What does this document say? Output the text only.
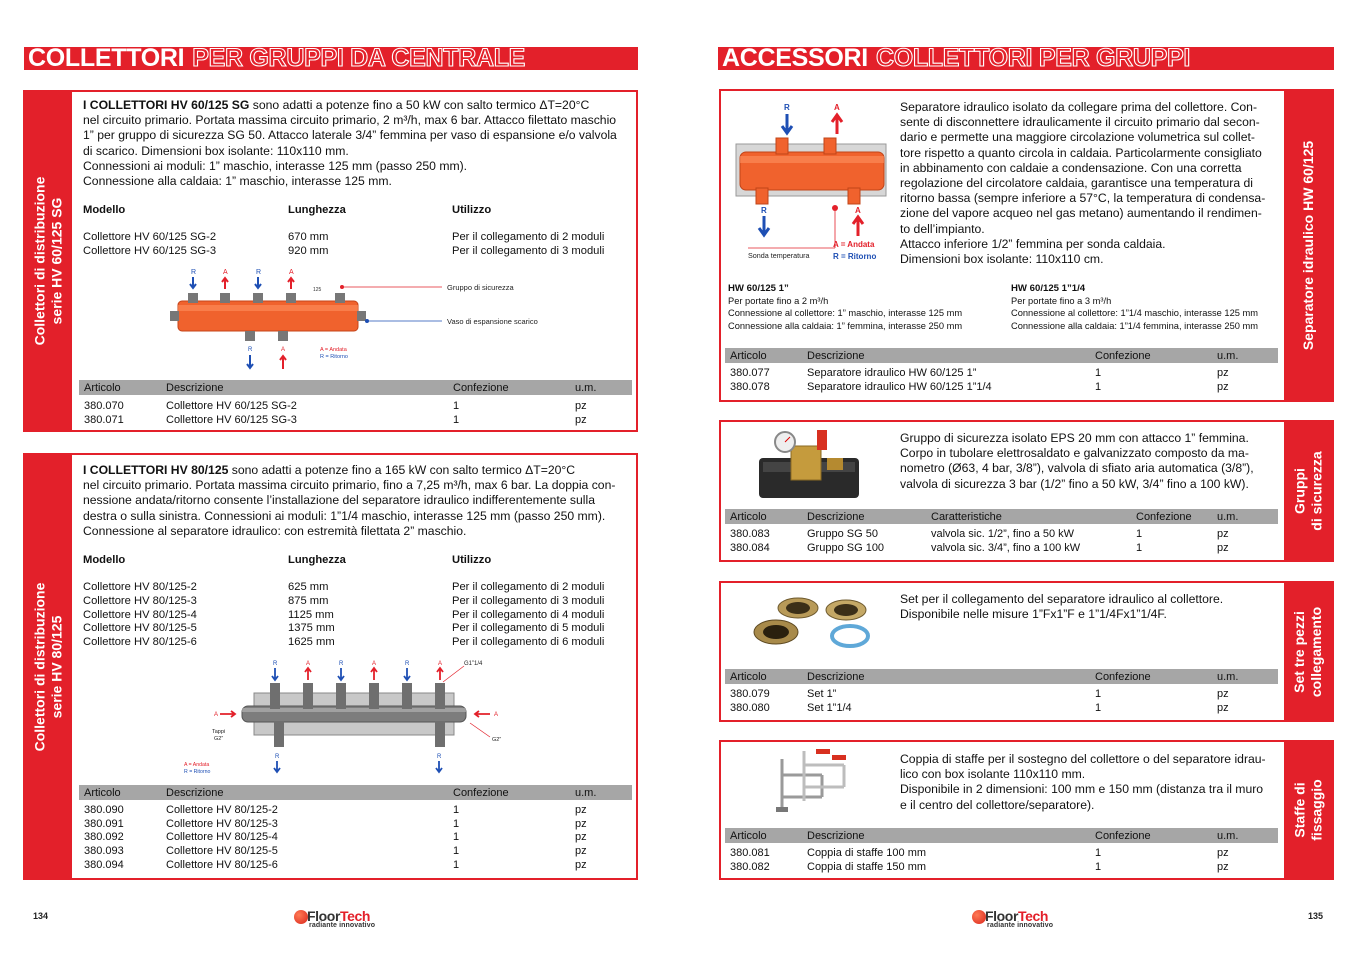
COLLETTORI PER GRUPPI DA CENTRALE
Collettori di distribuzione serie HV 60/125 SG
I COLLETTORI HV 60/125 SG sono adatti a potenze fino a 50 kW con salto termico ΔT=20°C
nel circuito primario. Portata massima circuito primario, 2 m³/h, max 6 bar. Attacco filettato maschio
1” per gruppo di sicurezza SG 50. Attacco laterale 3/4” femmina per vaso di espansione e/o valvola
di scarico. Dimensioni box isolante: 110x110 mm.
Connessioni ai moduli: 1” maschio, interasse 125 mm (passo 250 mm).
Connessione alla caldaia: 1” maschio, interasse 125 mm.
Modello	Lunghezza	Utilizzo
Collettore HV 60/125 SG-2	670 mm	Per il collegamento di 2 moduli
Collettore HV 60/125 SG-3	920 mm	Per il collegamento di 3 moduli
R	A	R	A
125	Gruppo di sicurezza
Vaso di espansione scarico
R	A	A = Andata
R = Ritorno
Articolo	Descrizione	Confezione	u.m.
380.070	Collettore HV 60/125 SG-2	1	pz
380.071	Collettore HV 60/125 SG-3	1	pz
Collettori di distribuzione serie HV 80/125
I COLLETTORI HV 80/125 sono adatti a potenze fino a 165 kW con salto termico ΔT=20°C
nel circuito primario. Portata massima circuito primario, fino a 7,25 m³/h, max 6 bar. La doppia con-
nessione andata/ritorno consente l’installazione del separatore idraulico indifferentemente sulla
destra o sulla sinistra. Connessioni ai moduli: 1”1/4 maschio, interasse 125 mm (passo 250 mm).
Connessione al separatore idraulico: con estremità filettata 2” maschio.
Modello	Lunghezza	Utilizzo
Collettore HV 80/125-2	625 mm	Per il collegamento di 2 moduli
Collettore HV 80/125-3	875 mm	Per il collegamento di 3 moduli
Collettore HV 80/125-4	1125 mm	Per il collegamento di 4 moduli
Collettore HV 80/125-5	1375 mm	Per il collegamento di 5 moduli
Collettore HV 80/125-6	1625 mm	Per il collegamento di 6 moduli
R	A	R	A	R	A	G1”1/4
A	A
Tappi
G2”	G2”
R	R
A = Andata
R = Ritorno
Articolo	Descrizione	Confezione	u.m.
380.090	Collettore HV 80/125-2	1	pz
380.091	Collettore HV 80/125-3	1	pz
380.092	Collettore HV 80/125-4	1	pz
380.093	Collettore HV 80/125-5	1	pz
380.094	Collettore HV 80/125-6	1	pz
134	FloorTech
radiante innovativo
ACCESSORI COLLETTORI PER GRUPPI
Separatore idraulico HW 60/125
R	A
R	A
Sonda temperatura
A = Andata
R = Ritorno
Separatore idraulico isolato da collegare prima del collettore. Con-
sente di disconnettere idraulicamente il circuito primario dal secon-
dario e permette una maggiore circolazione volumetrica sul collet-
tore rispetto a quanto circola in caldaia. Particolarmente consigliato
in abbinamento con caldaie a condensazione. Con una corretta
regolazione del circolatore caldaia, garantisce una temperatura di
ritorno bassa (sempre inferiore a 57°C, la temperatura di condensa-
zione del vapore acqueo nel gas metano) aumentando il rendimen-
to dell’impianto.
Attacco inferiore 1/2” femmina per sonda caldaia.
Dimensioni box isolante: 110x110 cm.
HW 60/125 1”
Per portate fino a 2 m³/h
Connessione al collettore: 1” maschio, interasse 125 mm
Connessione alla caldaia: 1” femmina, interasse 250 mm
HW 60/125 1”1/4
Per portate fino a 3 m³/h
Connessione al collettore: 1”1/4 maschio, interasse 125 mm
Connessione alla caldaia: 1”1/4 femmina, interasse 250 mm
Articolo	Descrizione	Confezione	u.m.
380.077	Separatore idraulico HW 60/125 1”	1	pz
380.078	Separatore idraulico HW 60/125 1”1/4	1	pz
Gruppi di sicurezza
Gruppo di sicurezza isolato EPS 20 mm con attacco 1” femmina.
Corpo in tubolare elettrosaldato e galvanizzato composto da ma-
nometro (Ø63, 4 bar, 3/8”), valvola di sfiato aria automatica (3/8”),
valvola di sicurezza 3 bar (1/2” fino a 50 kW, 3/4” fino a 100 kW).
Articolo	Descrizione	Caratteristiche	Confezione	u.m.
380.083	Gruppo SG 50	valvola sic. 1/2”, fino a 50 kW	1	pz
380.084	Gruppo SG 100	valvola sic. 3/4”, fino a 100 kW	1	pz
Set tre pezzi collegamento
Set per il collegamento del separatore idraulico al collettore.
Disponibile nelle misure 1”Fx1”F e 1”1/4Fx1”1/4F.
Articolo	Descrizione	Confezione	u.m.
380.079	Set 1”	1	pz
380.080	Set 1”1/4	1	pz
Staffe di fissaggio
Coppia di staffe per il sostegno del collettore o del separatore idrau-
lico con box isolante 110x110 mm.
Disponibile in 2 dimensioni: 100 mm e 150 mm (distanza tra il muro
e il centro del collettore/separatore).
Articolo	Descrizione	Confezione	u.m.
380.081	Coppia di staffe 100 mm	1	pz
380.082	Coppia di staffe 150 mm	1	pz
FloorTech
radiante innovativo
135
